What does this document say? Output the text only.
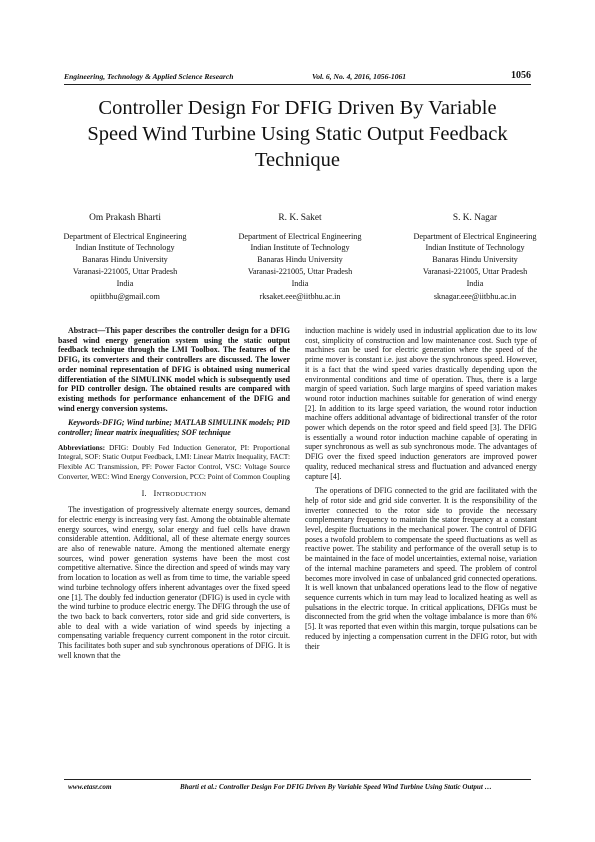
Engineering, Technology & Applied Science Research	Vol. 6, No. 4, 2016, 1056-1061	1056
Controller Design For DFIG Driven By Variable
Speed Wind Turbine Using Static Output Feedback
Technique
Om Prakash Bharti
Department of Electrical Engineering
Indian Institute of Technology
Banaras Hindu University
Varanasi-221005, Uttar Pradesh
India
opiitbhu@gmail.com
R. K. Saket
Department of Electrical Engineering
Indian Institute of Technology
Banaras Hindu University
Varanasi-221005, Uttar Pradesh
India
rksaket.eee@iitbhu.ac.in
S. K. Nagar
Department of Electrical Engineering
Indian Institute of Technology
Banaras Hindu University
Varanasi-221005, Uttar Pradesh
India
sknagar.eee@iitbhu.ac.in

Abstract—This paper describes the controller design for a DFIG based wind energy generation system using the static output feedback technique through the LMI Toolbox. The features of the DFIG, its converters and their controllers are discussed. The lower order nominal representation of DFIG is obtained using numerical differentiation of the SIMULINK model which is subsequently used for PID controller design. The obtained results are compared with existing methods for performance enhancement of the DFIG and wind energy conversion systems.

Keywords-DFIG; Wind turbine; MATLAB SIMULINK models; PID controller; linear matrix inequalities; SOF technique

Abbreviations: DFIG: Doubly Fed Induction Generator, PI: Proportional Integral, SOF: Static Output Feedback, LMI: Linear Matrix Inequality, FACT: Flexible AC Transmission, PF: Power Factor Control, VSC: Voltage Source Converter, WEC: Wind Energy Conversion, PCC: Point of Common Coupling

I. INTRODUCTION

The investigation of progressively alternate energy sources, demand for electric energy is increasing very fast. Among the obtainable alternate energy sources, wind energy, solar energy and fuel cells have drawn considerable attention. Additional, all of these alternate energy sources are also of renewable nature. Among the mentioned alternate energy sources, wind power generation systems have been the most cost competitive alternative. Since the direction and speed of winds may vary from location to location as well as from time to time, the variable speed wind turbine technology offers inherent advantages over the fixed speed one [1]. The doubly fed induction generator (DFIG) is used in cycle with the wind turbine to produce electric energy. The DFIG through the use of the two back to back converters, rotor side and grid side converters, is able to deal with a wide variation of wind speeds by injecting a compensating variable frequency current component in the rotor circuit. This facilitates both super and sub synchronous operations of DFIG. It is well known that the

induction machine is widely used in industrial application due to its low cost, simplicity of construction and low maintenance cost. Such type of machines can be used for electric generation where the speed of the prime mover is constant i.e. just above the synchronous speed. However, it is a fact that the wind speed varies drastically depending upon the environmental conditions and time of operation. Thus, there is a large margin of speed variation. Such large margins of speed variation makes wound rotor induction machines suitable for generation of wind energy [2]. In addition to its large speed variation, the wound rotor induction machine offers additional advantage of bidirectional transfer of the rotor power which depends on the rotor speed and field speed [3]. The DFIG is essentially a wound rotor induction machine capable of operating in super synchronous as well as sub synchronous mode. The advantages of DFIG over the fixed speed induction generators are improved power quality, reduced mechanical stress and fluctuation and advanced energy capture [4].

The operations of DFIG connected to the grid are facilitated with the help of rotor side and grid side converter. It is the responsibility of the inverter connected to the rotor side to provide the necessary complementary frequency to maintain the stator frequency at a constant level, despite fluctuations in the mechanical power. The control of DFIG poses a twofold problem to compensate the speed fluctuations as well as reactive power. The stability and performance of the overall setup is to be maintained in the face of model uncertainties, external noise, variation of the internal machine parameters and speed. The problem of control becomes more involved in case of unbalanced grid connected operations. It is well known that unbalanced operations lead to the flow of negative sequence currents which in turn may lead to localized heating as well as pulsations in the electric torque. In critical applications, DFIGs must be disconnected from the grid when the voltage imbalance is more than 6% [5]. It was reported that even within this margin, torque pulsations can be reduced by injecting a compensation current in the DFIG rotor, but with their

www.etasr.com	Bharti et al.: Controller Design For DFIG Driven By Variable Speed Wind Turbine Using Static Output …
